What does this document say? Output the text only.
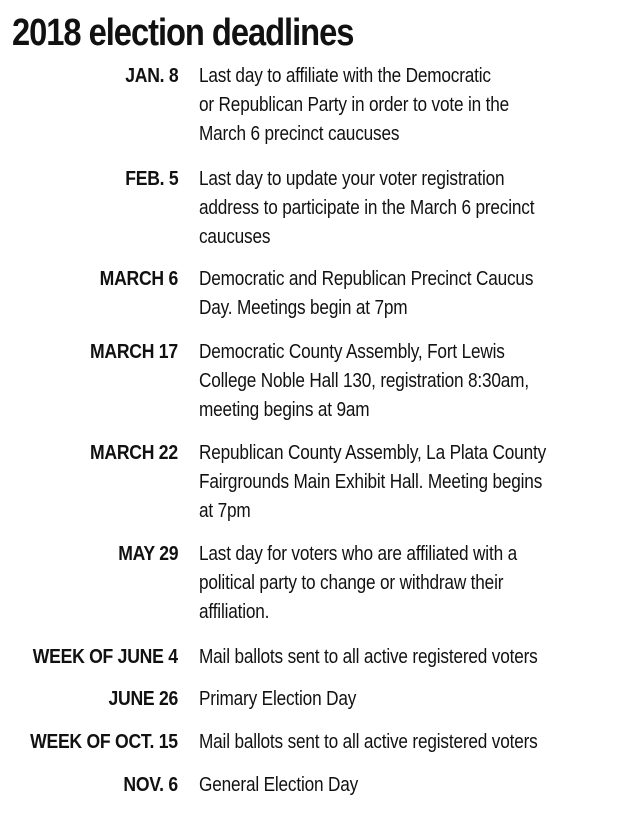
2018 election deadlines
JAN. 8 Last day to affiliate with the Democratic
or Republican Party in order to vote in the
March 6 precinct caucuses
FEB. 5 Last day to update your voter registration
address to participate in the March 6 precinct
caucuses
MARCH 6 Democratic and Republican Precinct Caucus
Day. Meetings begin at 7pm
MARCH 17 Democratic County Assembly, Fort Lewis
College Noble Hall 130, registration 8:30am,
meeting begins at 9am
MARCH 22 Republican County Assembly, La Plata County
Fairgrounds Main Exhibit Hall. Meeting begins
at 7pm
MAY 29 Last day for voters who are affiliated with a
political party to change or withdraw their
affiliation.
WEEK OF JUNE 4 Mail ballots sent to all active registered voters
JUNE 26 Primary Election Day
WEEK OF OCT. 15 Mail ballots sent to all active registered voters
NOV. 6 General Election Day
